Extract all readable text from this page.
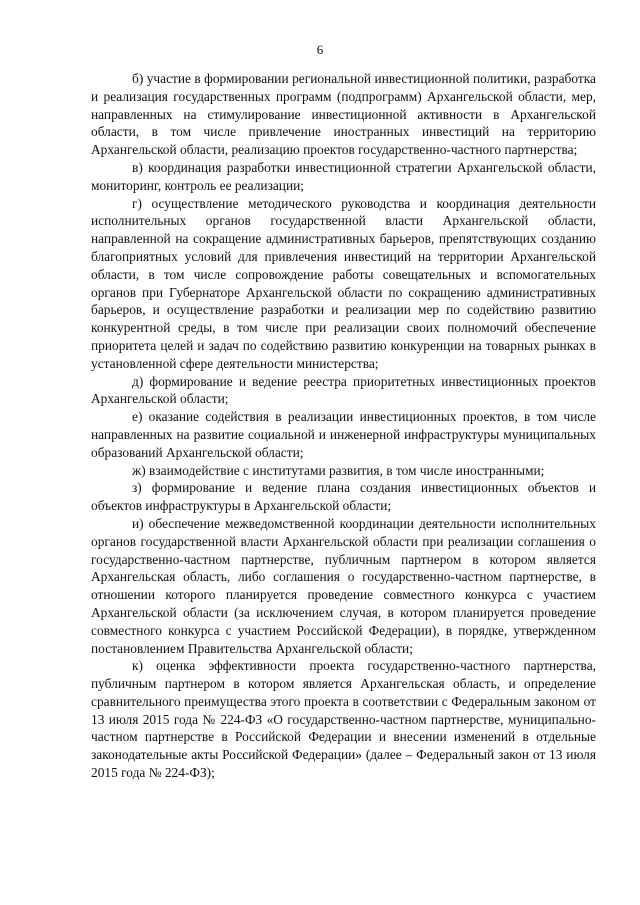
6

б) участие в формировании региональной инвестиционной политики, разработка и реализация государственных программ (подпрограмм) Архангельской области, мер, направленных на стимулирование инвестиционной активности в Архангельской области, в том числе привлечение иностранных инвестиций на территорию Архангельской области, реализацию проектов государственно-частного партнерства;

в) координация разработки инвестиционной стратегии Архангельской области, мониторинг, контроль ее реализации;

г) осуществление методического руководства и координация деятельности исполнительных органов государственной власти Архангельской области, направленной на сокращение административных барьеров, препятствующих созданию благоприятных условий для привлечения инвестиций на территории Архангельской области, в том числе сопровождение работы совещательных и вспомогательных органов при Губернаторе Архангельской области по сокращению административных барьеров, и осуществление разработки и реализации мер по содействию развитию конкурентной среды, в том числе при реализации своих полномочий обеспечение приоритета целей и задач по содействию развитию конкуренции на товарных рынках в установленной сфере деятельности министерства;

д) формирование и ведение реестра приоритетных инвестиционных проектов Архангельской области;

е) оказание содействия в реализации инвестиционных проектов, в том числе направленных на развитие социальной и инженерной инфраструктуры муниципальных образований Архангельской области;

ж) взаимодействие с институтами развития, в том числе иностранными;

з) формирование и ведение плана создания инвестиционных объектов и объектов инфраструктуры в Архангельской области;

и) обеспечение межведомственной координации деятельности исполнительных органов государственной власти Архангельской области при реализации соглашения о государственно-частном партнерстве, публичным партнером в котором является Архангельская область, либо соглашения о государственно-частном партнерстве, в отношении которого планируется проведение совместного конкурса с участием Архангельской области (за исключением случая, в котором планируется проведение совместного конкурса с участием Российской Федерации), в порядке, утвержденном постановлением Правительства Архангельской области;

к) оценка эффективности проекта государственно-частного партнерства, публичным партнером в котором является Архангельская область, и определение сравнительного преимущества этого проекта в соответствии с Федеральным законом от 13 июля 2015 года № 224-ФЗ «О государственно-частном партнерстве, муниципально-частном партнерстве в Российской Федерации и внесении изменений в отдельные законодательные акты Российской Федерации» (далее – Федеральный закон от 13 июля 2015 года № 224-ФЗ);
